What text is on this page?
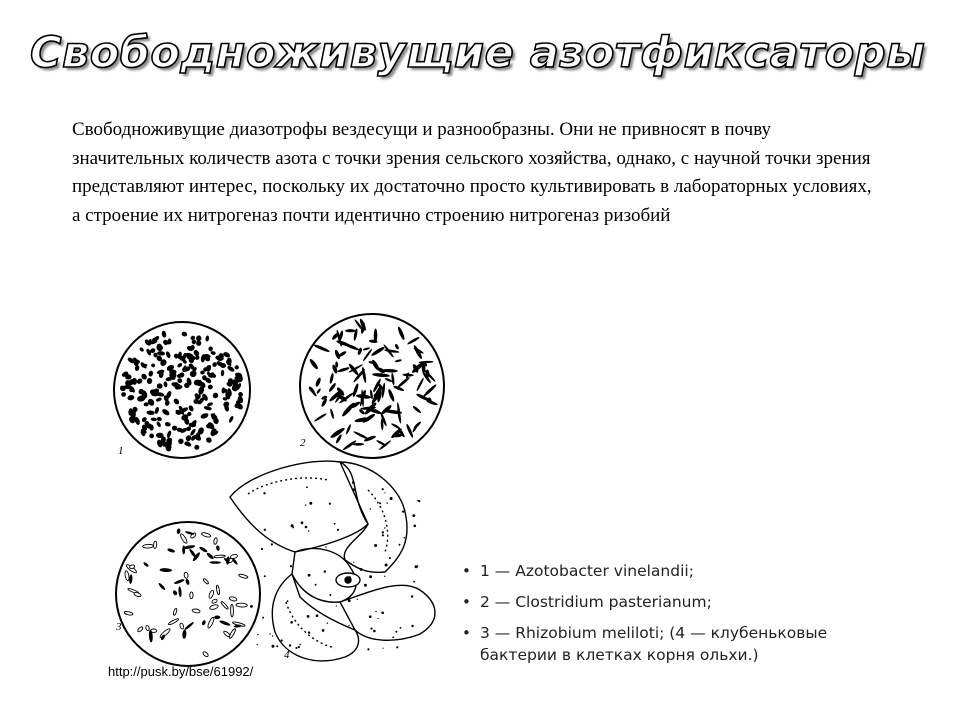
Свободноживущие азотфиксаторы

Свободноживущие диазотрофы вездесущи и разнообразны. Они не привносят в почву значительных количеств азота с точки зрения сельского хозяйства, однако, с научной точки зрения представляют интерес, поскольку их достаточно просто культивировать в лабораторных условиях, а строение их нитрогеназ почти идентично строению нитрогеназ ризобий

1
2
3
4
http://pusk.by/bse/61992/
• 1 — Azotobacter vinelandii;
• 2 — Clostridium pasterianum;
• 3 — Rhizobium meliloti; (4 — клубеньковые бактерии в клетках корня ольхи.)
